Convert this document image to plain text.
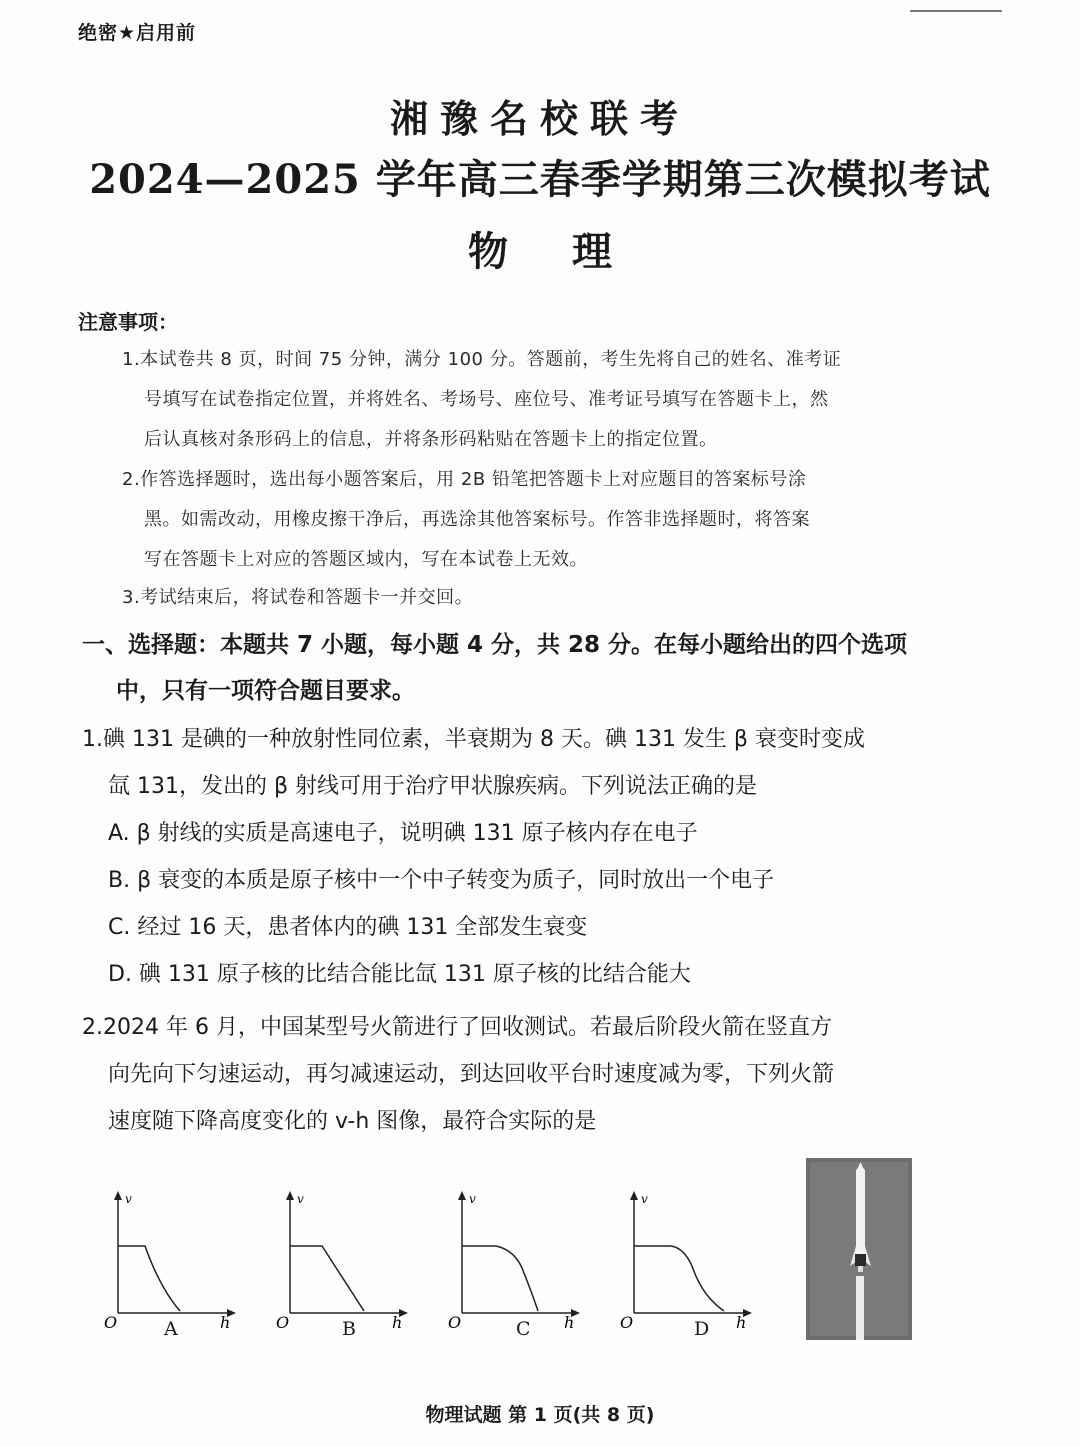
绝密★启用前
湘豫名校联考
2024—2025 学年高三春季学期第三次模拟考试
物理
注意事项：
1.本试卷共 8 页，时间 75 分钟，满分 100 分。答题前，考生先将自己的姓名、准考证
号填写在试卷指定位置，并将姓名、考场号、座位号、准考证号填写在答题卡上，然
后认真核对条形码上的信息，并将条形码粘贴在答题卡上的指定位置。
2.作答选择题时，选出每小题答案后，用 2B 铅笔把答题卡上对应题目的答案标号涂
黑。如需改动，用橡皮擦干净后，再选涂其他答案标号。作答非选择题时，将答案
写在答题卡上对应的答题区域内，写在本试卷上无效。
3.考试结束后，将试卷和答题卡一并交回。
一、选择题：本题共 7 小题，每小题 4 分，共 28 分。在每小题给出的四个选项
中，只有一项符合题目要求。
1.碘 131 是碘的一种放射性同位素，半衰期为 8 天。碘 131 发生 β 衰变时变成
氙 131，发出的 β 射线可用于治疗甲状腺疾病。下列说法正确的是
A. β 射线的实质是高速电子，说明碘 131 原子核内存在电子
B. β 衰变的本质是原子核中一个中子转变为质子，同时放出一个电子
C. 经过 16 天，患者体内的碘 131 全部发生衰变
D. 碘 131 原子核的比结合能比氙 131 原子核的比结合能大
2.2024 年 6 月，中国某型号火箭进行了回收测试。若最后阶段火箭在竖直方
向先向下匀速运动，再匀减速运动，到达回收平台时速度减为零，下列火箭
速度随下降高度变化的 v-h 图像，最符合实际的是
v
O	h
A
v
O	h
B
v
O	h
C
v
O	h
D
物理试题 第 1 页(共 8 页)
